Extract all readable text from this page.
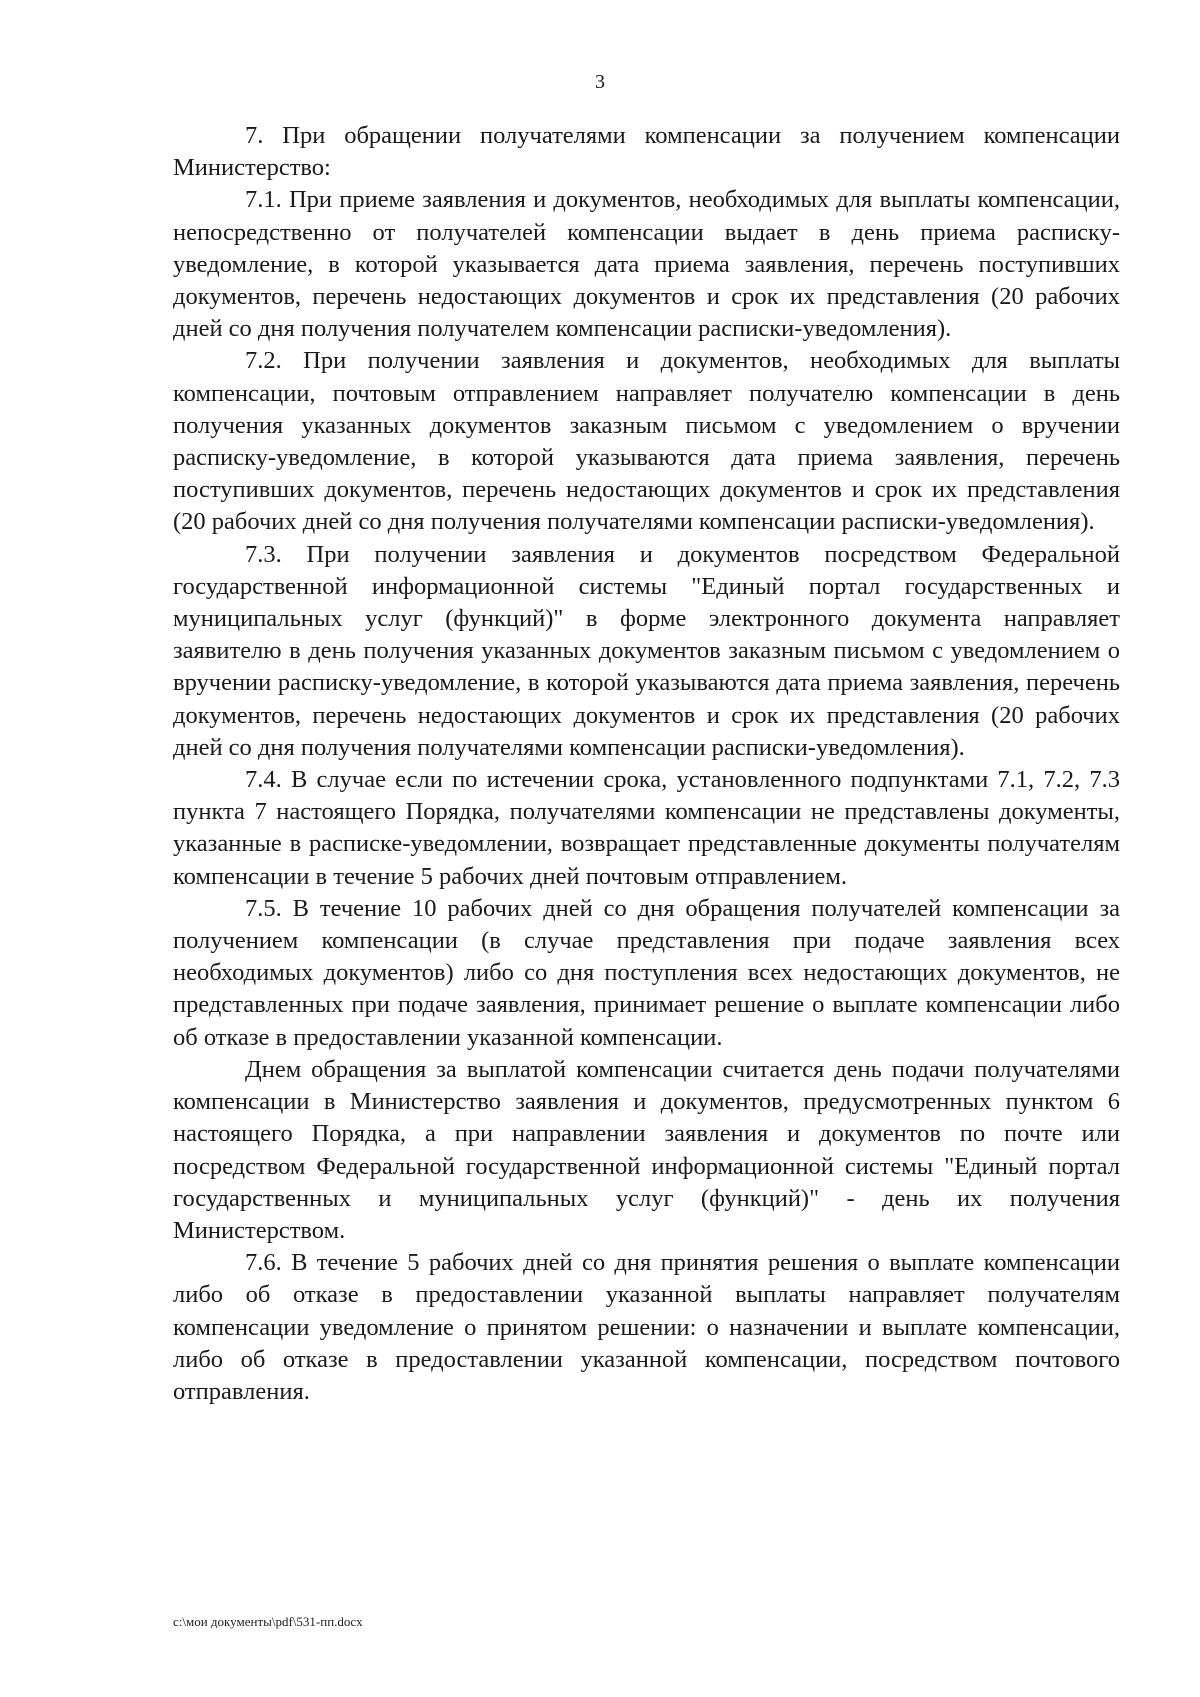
3

7. При обращении получателями компенсации за получением компенсации Министерство:

7.1. При приеме заявления и документов, необходимых для выплаты компенсации, непосредственно от получателей компенсации выдает в день приема расписку-уведомление, в которой указывается дата приема заявления, перечень поступивших документов, перечень недостающих документов и срок их представления (20 рабочих дней со дня получения получателем компенсации расписки-уведомления).

7.2. При получении заявления и документов, необходимых для выплаты компенсации, почтовым отправлением направляет получателю компенсации в день получения указанных документов заказным письмом с уведомлением о вручении расписку-уведомление, в которой указываются дата приема заявления, перечень поступивших документов, перечень недостающих документов и срок их представления (20 рабочих дней со дня получения получателями компенсации расписки-уведомления).

7.3. При получении заявления и документов посредством Федеральной государственной информационной системы "Единый портал государственных и муниципальных услуг (функций)" в форме электронного документа направляет заявителю в день получения указанных документов заказным письмом с уведомлением о вручении расписку-уведомление, в которой указываются дата приема заявления, перечень документов, перечень недостающих документов и срок их представления (20 рабочих дней со дня получения получателями компенсации расписки-уведомления).

7.4. В случае если по истечении срока, установленного подпунктами 7.1, 7.2, 7.3 пункта 7 настоящего Порядка, получателями компенсации не представлены документы, указанные в расписке-уведомлении, возвращает представленные документы получателям компенсации в течение 5 рабочих дней почтовым отправлением.

7.5. В течение 10 рабочих дней со дня обращения получателей компенсации за получением компенсации (в случае представления при подаче заявления всех необходимых документов) либо со дня поступления всех недостающих документов, не представленных при подаче заявления, принимает решение о выплате компенсации либо об отказе в предоставлении указанной компенсации.

Днем обращения за выплатой компенсации считается день подачи получателями компенсации в Министерство заявления и документов, предусмотренных пунктом 6 настоящего Порядка, а при направлении заявления и документов по почте или посредством Федеральной государственной информационной системы "Единый портал государственных и муниципальных услуг (функций)" - день их получения Министерством.

7.6. В течение 5 рабочих дней со дня принятия решения о выплате компенсации либо об отказе в предоставлении указанной выплаты направляет получателям компенсации уведомление о принятом решении: о назначении и выплате компенсации, либо об отказе в предоставлении указанной компенсации, посредством почтового отправления.

c:\мои документы\pdf\531-пп.docx
